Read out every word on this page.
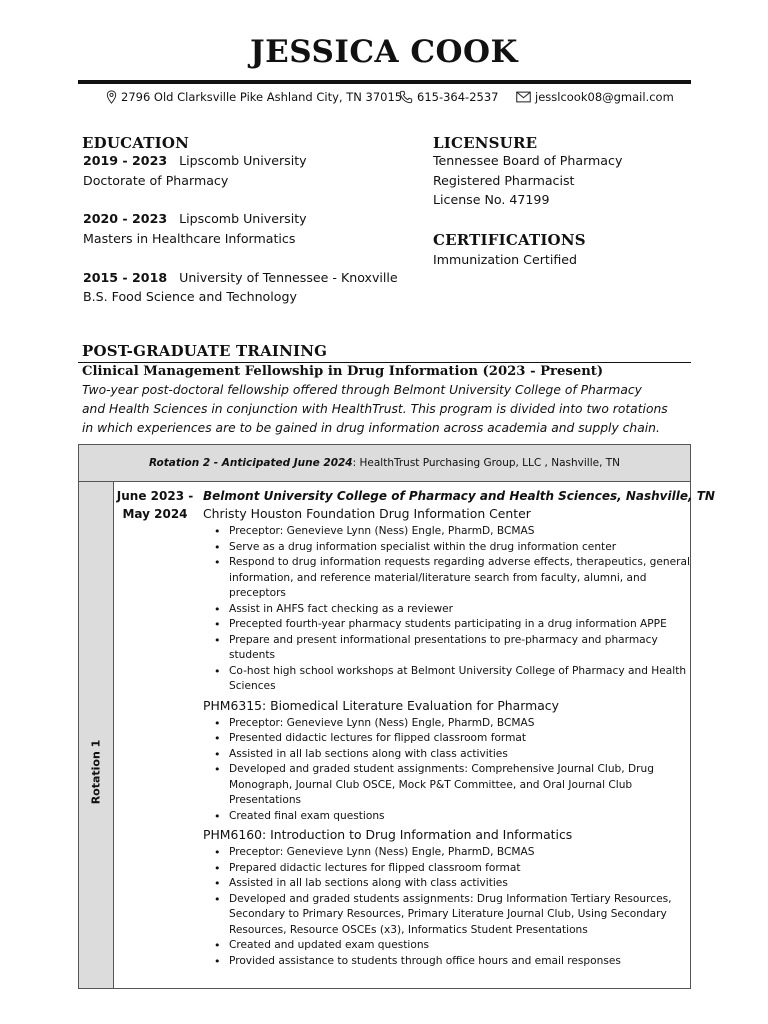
JESSICA COOK
2796 Old Clarksville Pike Ashland City, TN 37015 615-364-2537	jesslcook08@gmail.com
EDUCATION
2019 - 2023 Lipscomb University
Doctorate of Pharmacy
2020 - 2023 Lipscomb University
Masters in Healthcare Informatics
2015 - 2018 University of Tennessee - Knoxville
B.S. Food Science and Technology
LICENSURE
Tennessee Board of Pharmacy
Registered Pharmacist
License No. 47199
CERTIFICATIONS
Immunization Certified
POST-GRADUATE TRAINING
Clinical Management Fellowship in Drug Information (2023 - Present)
Two-year post-doctoral fellowship offered through Belmont University College of Pharmacy
and Health Sciences in conjunction with HealthTrust. This program is divided into two rotations
in which experiences are to be gained in drug information across academia and supply chain.
Rotation 2 - Anticipated June 2024 : HealthTrust Purchasing Group, LLC , Nashville, TN
Rotation 1
June 2023 -
May 2024
Belmont University College of Pharmacy and Health Sciences, Nashville, TN
Christy Houston Foundation Drug Information Center
• Preceptor: Genevieve Lynn (Ness) Engle, PharmD, BCMAS
• Serve as a drug information specialist within the drug information center
• Respond to drug information requests regarding adverse effects, therapeutics, general information, and reference material/literature search from faculty, alumni, and preceptors
• Assist in AHFS fact checking as a reviewer
• Precepted fourth-year pharmacy students participating in a drug information APPE
• Prepare and present informational presentations to pre-pharmacy and pharmacy students
• Co-host high school workshops at Belmont University College of Pharmacy and Health Sciences
PHM6315: Biomedical Literature Evaluation for Pharmacy
• Preceptor: Genevieve Lynn (Ness) Engle, PharmD, BCMAS
• Presented didactic lectures for flipped classroom format
• Assisted in all lab sections along with class activities
• Developed and graded student assignments: Comprehensive Journal Club, Drug Monograph, Journal Club OSCE, Mock P&T Committee, and Oral Journal Club Presentations
• Created final exam questions
PHM6160: Introduction to Drug Information and Informatics
• Preceptor: Genevieve Lynn (Ness) Engle, PharmD, BCMAS
• Prepared didactic lectures for flipped classroom format
• Assisted in all lab sections along with class activities
• Developed and graded students assignments: Drug Information Tertiary Resources, Secondary to Primary Resources, Primary Literature Journal Club, Using Secondary Resources, Resource OSCEs (x3), Informatics Student Presentations
• Created and updated exam questions
• Provided assistance to students through office hours and email responses
